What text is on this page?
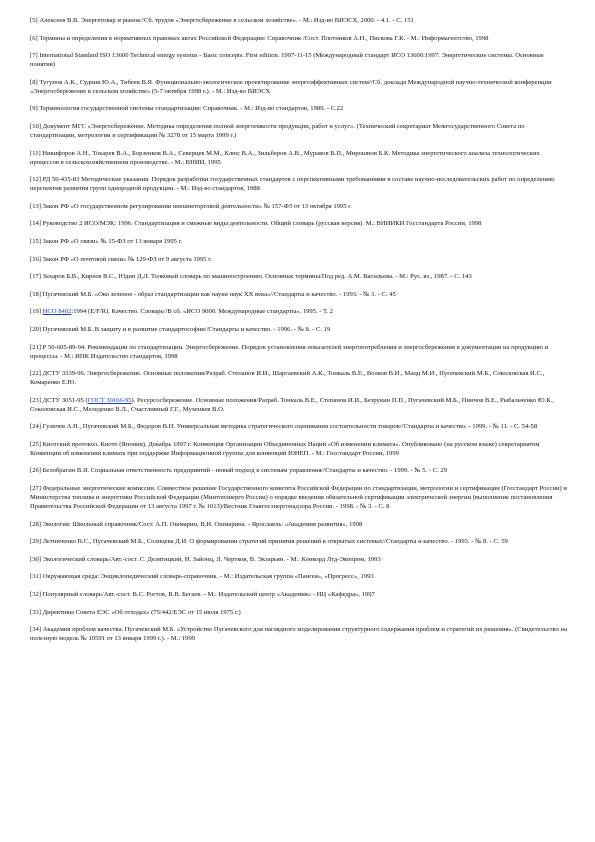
[5] Алексеев В.В. Энергетовар и рынок//Сб. трудов «Энергосбережение в сельском хозяйстве». - М.: Изд-во ВИЭСХ, 2000. - 4.1. - С. 151

[6] Термины и определения в нормативных правовых актах Российской Федерации: Справочник /Сост. Плотников А.Н., Пискова Г.К. - М.: Информагентство, 1998

[7] International Standard ISO 13600 Technical energy systems - Basic concepts. First edition. 1997-11-15 (Международный стандарт ИСО 13600:1997. Энергетические системы. Основные понятия)

[8] Тугунов А.К., Судник Ю.А., Тибеев В.Я. Функционально-экологическое проектирование энергоэффективных систем//Сб. доклада Международной научно-технической конференции «Энергосбережение в сельском хозяйстве» (5-7 октября 1998 г.). - М.: Изд-во ВИЭСХ

[9] Терминология государственной системы стандартизации: Справочник. - М.: Изд-во стандартов, 1989. - С.22

[10] Документ МГС «Энергосбережение. Методика определения полной энергоемкости продукции, работ и услуг». (Технический секретариат Межгосударственного Совета по стандартизации, метрологии и сертификации № 3278 от 15 марта 1999 г.)

[11] Никифоров А.Н., Токарев В.А., Борзенков В.А., Северцев М.М., Клюс В.А., Зильберов А.В., Муравов В.П., Мирошнов Б.К. Методика энергетического анализа технологических процессов в сельскохозяйственном производстве. - М.: ВНИИ, 1995

[12] РД 50-435-83 Методические указания. Порядок разработки государственных стандартов с перспективными требованиями в составе научно-исследовательских работ по определению перспектив развития групп однородной продукции. - М.: Изд-во стандартов, 1988

[13] Закон РФ «О государственном регулировании внешнеторговой деятельности» № 157-ФЗ от 13 октября 1995 г.

[14] Руководство 2 ИСО/МЭК: 1996. Стандартизация и смежные виды деятельности. Общий словарь (русская версия). М.: ВНИИКИ Госстандарта России, 1998

[15] Закон РФ «О связи» № 15-ФЗ от 13 января 1995 г.

[16] Закон РФ «О почтовой связи» № 129-ФЗ от 9 августа 1995 г.

[17] Захаров Б.В., Киреев В.С., Юдин Д.Л. Толковый словарь по машиностроению. Основные термины/Под ред. А.М. Васильева. - М.: Рус. яз., 1987. - С. 143

[18] Пугачевский М.Б. «Око зеленое - образ стандартизации как науки наук XX века»//Стандарты и качество. - 1993. - № 3. - С. 45

[19] ИСО 8402:1994 (Е/F/R). Качество. Словарь//В сб. «ИСО 9000. Международные стандарты». 1995. - Т. 2

[20] Пугачевский М.Б. В защиту и в развитие стандартософии//Стандарты и качество. - 1996. - № 8. - С. 19

[21] Р 50-605-89-94. Рекомендации по стандартизации. Энергосбережение. Порядок установления показателей энергопотребления и энергосбережения в документации на продукцию и процессы. - М.: ИПК Издательство стандартов, 1998

[22] ДСТУ 3339-96. Энергосбережение. Основные положения/Разраб. Степанов И.И., Шаргаевский А.К., Тонкаль В.Е., Волков В.И., Мацц М.И., Пугачевский М.Б., Соколовская И.С., Комаренко Е.Ю.

[23] ДСТУ 3051-95 (ГОСТ 30166-95). Ресурсосбережение. Основные положения/Разраб. Тонкаль В.Е., Степанов И.И., Безрукин П.П., Пугачевский М.Б., Пинчов В.Е., Рыбальченко Ю.К., Соколовская И.С., Меледенко В.Л., Счастливный Г.Г., Мухенкев В.О.

[24] Гузичев А.Н., Пугачевский М.Б., Федоров В.Н. Универсальная методика стратегического оценивания состоятельности товаров//Стандарты и качество. - 1999. - № 11. - С. 54-58

[25] Киотский протокол. Киото (Япония), Декабрь 1997 г. Конвенция Организации Объединенных Наций «Об изменении климата». Опубликовано (на русском языке) секретариатом Конвенции об изменении климата при поддержке Информационной группы для конвенций ЮНЕП. - М.: Госстандарт России, 1999

[26] Белобрагин В.Я. Социальная ответственность предприятий - новый подход к системам управления//Стандарты и качество. - 1999. - № 5. - С. 29

[27] Федеральные энергетические комиссии. Совместное решение Государственного комитета Российской Федерации по стандартизации, метрологии и сертификации (Госстандарт России) и Министерства топлива и энергетики Российской Федерации (Минтопэнерго России) о порядке введения обязательной сертификации электрической энергии (выполнение постановления Правительства Российской Федерации от 13 августа 1997 г. № 1013)/Вестник Главгосэнергонадзора России. - 1998. - № 3. - С. 8

[28] Экология: Школьный справочник/Сост. А.П. Ошмарин, В.И. Ошмарина. - Ярославль: «Академия развития», 1998

[29] Летниченко В.С., Пугачевский М.Б., Солнцева Д.И. О формировании стратегий принятия решений в открытых системах//Стандарты и качество. - 1993. - № 8. - С. 59

[30] Экологический словарь/Авт.-сост. С. Делятицкий, И. Зайонц, Л. Чертков, В. Экзарьян. - М.: Конкорд Лтд-Экопром, 1993

[31] Окружающая среда: Энциклопедический словарь-справочник. - М.: Издательская группа «Пангея», «Прогресс», 1993

[32] Популярный словарь/Авт.-сост. В.С. Рогтов, В.В. Бегаев. - М.: Издательский центр «Академия» - ИЦ «Кафедра», 1997

[33] Директивы Совета ЕЭС «Об отходах» (75/442/ЕЭС от 15 июля 1975 г.)

[34] Академия проблем качества. Пугачевский М.Б. «Устройство Пугачевского для наглядного моделирования структурного содержания проблем и стратегий их решения». (Свидетельство на полезную модель № 10591 от 13 января 1999 г.). - М.: 1999
